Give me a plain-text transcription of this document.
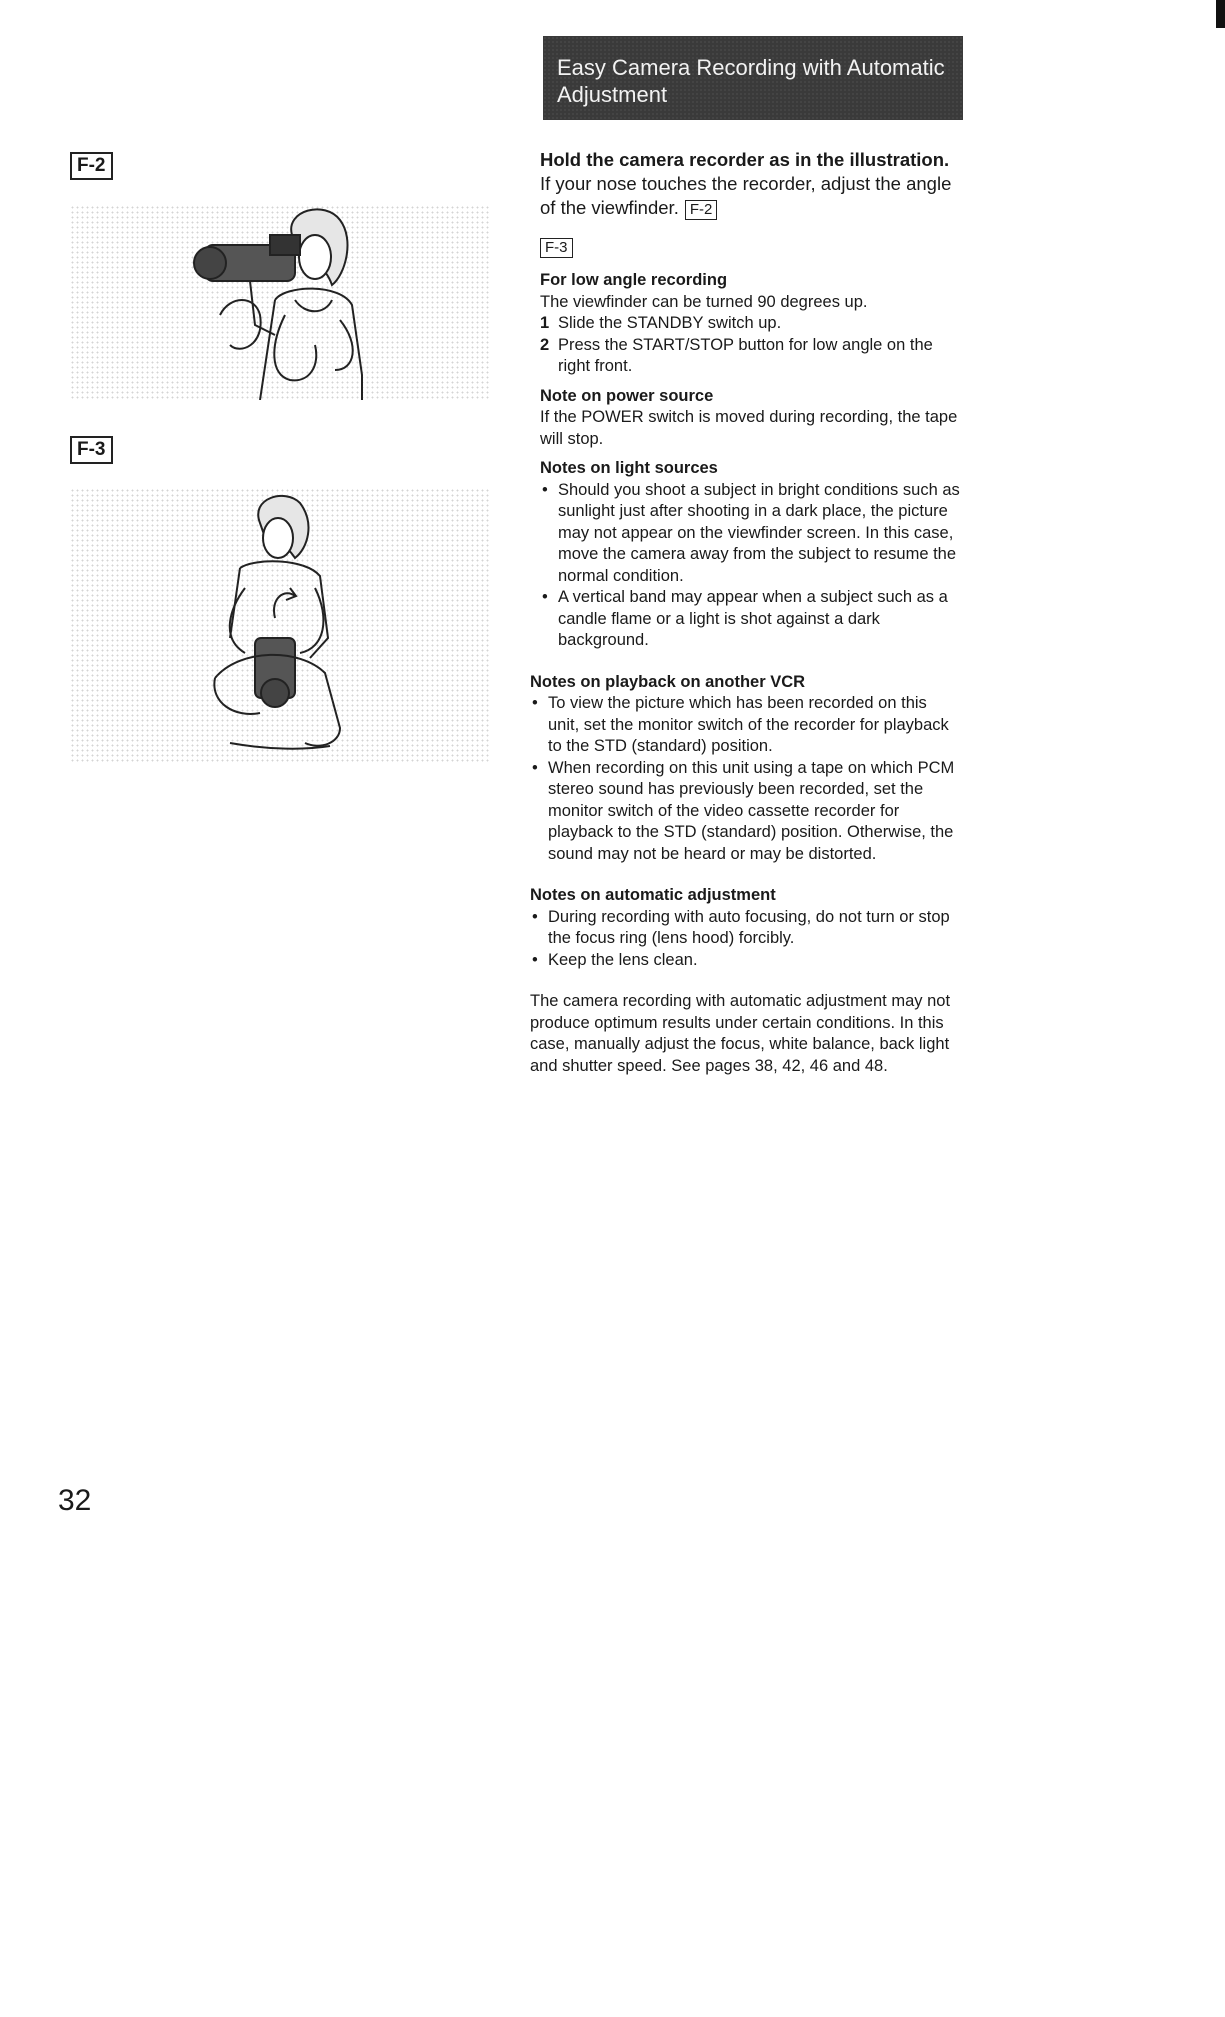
Easy Camera Recording with Automatic
Adjustment
F-2
F-3
Hold the camera recorder as in the illustration. If your nose touches the recorder, adjust the angle of the viewfinder. F-2
F-3
For low angle recording

The viewfinder can be turned 90 degrees up.

1 Slide the STANDBY switch up.
2 Press the START/STOP button for low angle on the right front.
Note on power source

If the POWER switch is moved during recording, the tape will stop.

Notes on light sources
• Should you shoot a subject in bright conditions such as sunlight just after shooting in a dark place, the picture may not appear on the viewfinder screen. In this case, move the camera away from the subject to resume the normal condition.
• A vertical band may appear when a subject such as a candle flame or a light is shot against a dark background.
Notes on playback on another VCR
• To view the picture which has been recorded on this unit, set the monitor switch of the recorder for playback to the STD (standard) position.
• When recording on this unit using a tape on which PCM stereo sound has previously been recorded, set the monitor switch of the video cassette recorder for playback to the STD (standard) position. Otherwise, the sound may not be heard or may be distorted.
Notes on automatic adjustment
• During recording with auto focusing, do not turn or stop the focus ring (lens hood) forcibly.
• Keep the lens clean.

The camera recording with automatic adjustment may not produce optimum results under certain conditions. In this case, manually adjust the focus, white balance, back light and shutter speed. See pages 38, 42, 46 and 48.

32
